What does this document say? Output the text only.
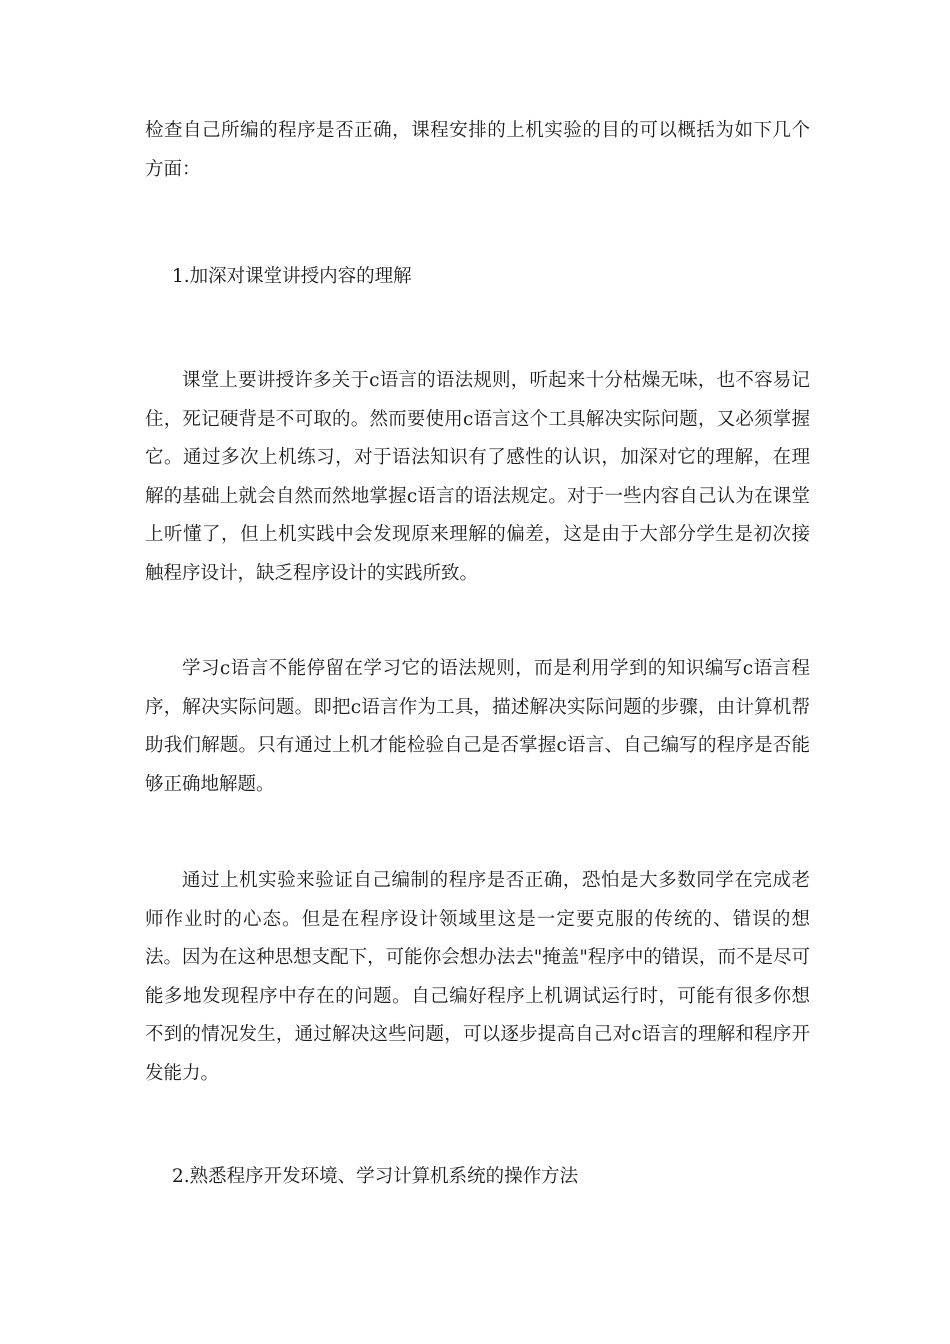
检查自己所编的程序是否正确，课程安排的上机实验的目的可以概括为如下几个方面：

1.加深对课堂讲授内容的理解

课堂上要讲授许多关于c语言的语法规则，听起来十分枯燥无味，也不容易记住，死记硬背是不可取的。然而要使用c语言这个工具解决实际问题，又必须掌握它。通过多次上机练习，对于语法知识有了感性的认识，加深对它的理解，在理解的基础上就会自然而然地掌握c语言的语法规定。对于一些内容自己认为在课堂上听懂了，但上机实践中会发现原来理解的偏差，这是由于大部分学生是初次接触程序设计，缺乏程序设计的实践所致。

学习c语言不能停留在学习它的语法规则，而是利用学到的知识编写c语言程序，解决实际问题。即把c语言作为工具，描述解决实际问题的步骤，由计算机帮助我们解题。只有通过上机才能检验自己是否掌握c语言、自己编写的程序是否能够正确地解题。

通过上机实验来验证自己编制的程序是否正确，恐怕是大多数同学在完成老师作业时的心态。但是在程序设计领域里这是一定要克服的传统的、错误的想法。因为在这种思想支配下，可能你会想办法去"掩盖"程序中的错误，而不是尽可能多地发现程序中存在的问题。自己编好程序上机调试运行时，可能有很多你想不到的情况发生，通过解决这些问题，可以逐步提高自己对c语言的理解和程序开发能力。

2.熟悉程序开发环境、学习计算机系统的操作方法
